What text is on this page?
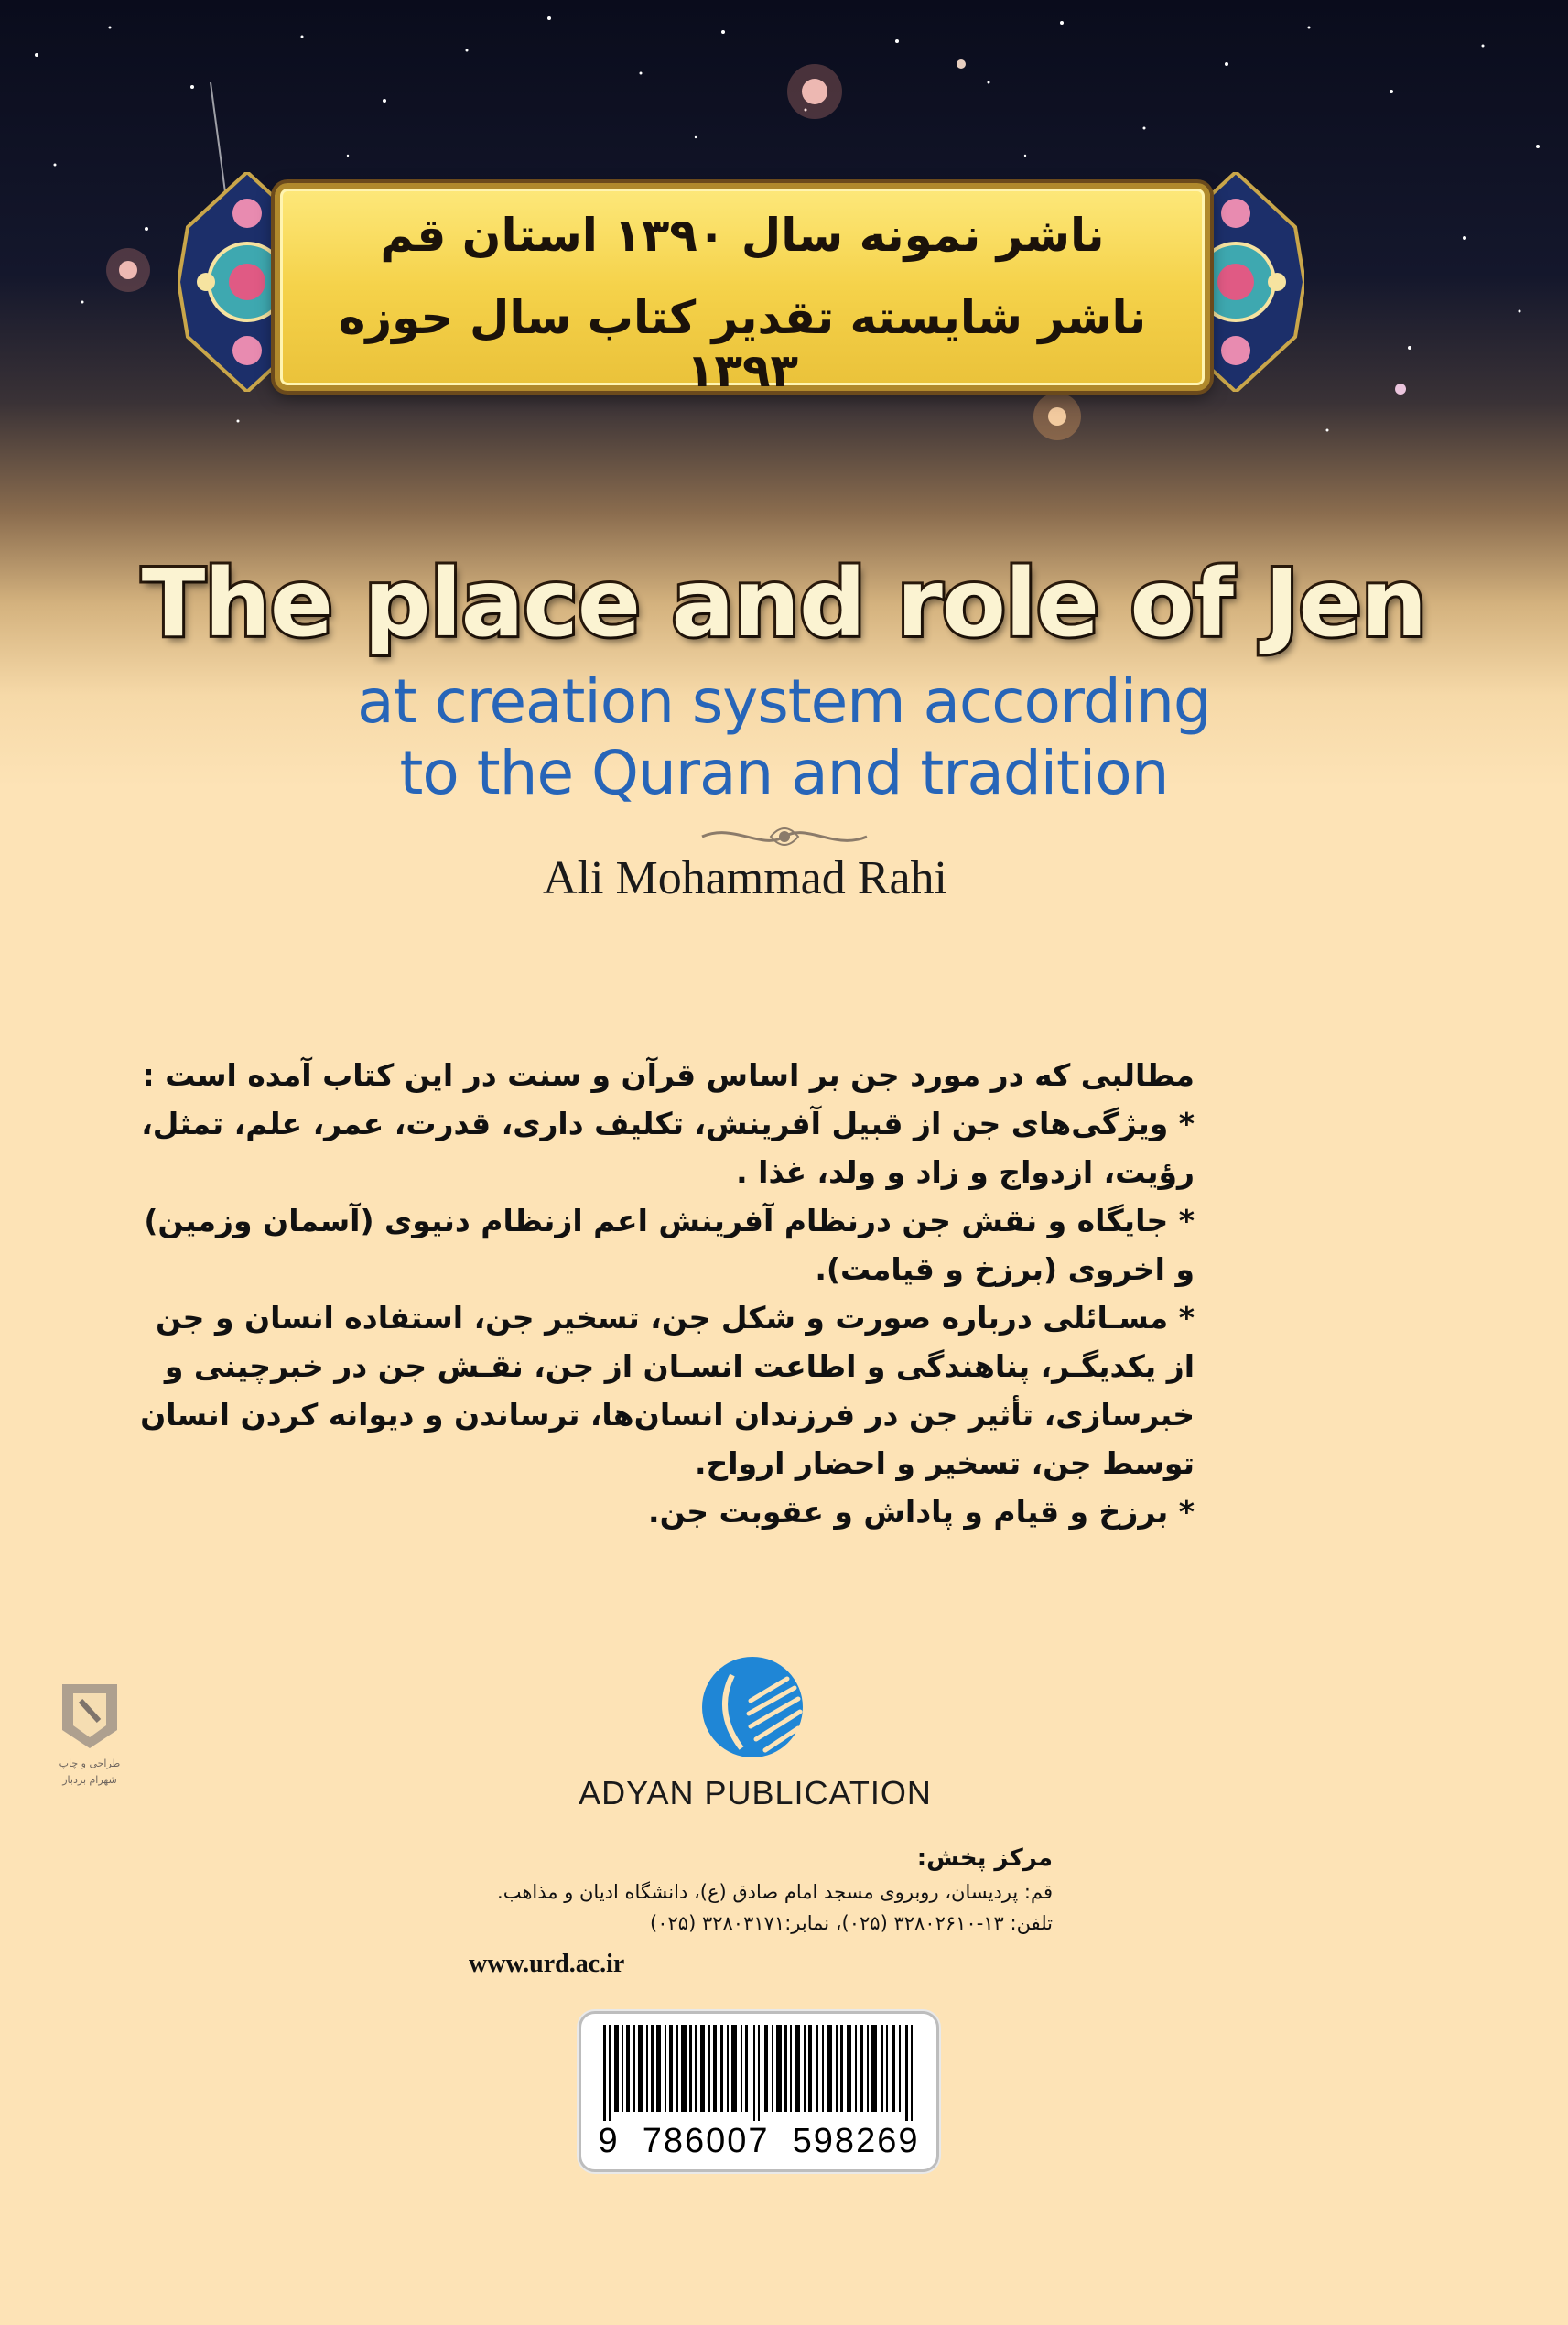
ناشر نمونه سال ۱۳۹۰ استان قم
ناشر شایسته تقدیر کتاب سال حوزه ۱۳۹۳
The place and role of Jen
at creation system according
to the Quran and tradition
Ali Mohammad Rahi
مطالبی که در مورد جن بر اساس قرآن و سنت در این کتاب آمده است :
* ویژگی‌های جن از قبیل آفرینش، تکلیف داری، قدرت، عمر، علم، تمثل،
رؤیت، ازدواج و زاد و ولد، غذا .
* جایگاه و نقش جن درنظام آفرینش اعم ازنظام دنیوی (آسمان وزمین)
و اخروی (برزخ و قیامت).
* مسـائلی درباره صورت و شکل جن، تسخیر جن، استفاده انسان و جن
از یکدیگـر، پناهندگی و اطاعت انسـان از جن، نقـش جن در خبرچینی و
خبرسازی، تأثیر جن در فرزندان انسان‌ها، ترساندن و دیوانه کردن انسان
توسط جن، تسخیر و احضار ارواح.
* برزخ و قیام و پاداش و عقوبت جن.
طراحی و چاپ
شهرام بردبار	ADYAN PUBLICATION
مرکز پخش:
قم: پردیسان، روبروی مسجد امام صادق (ع)، دانشگاه ادیان و مذاهب.
تلفن: ۱۳-۳۲۸۰۲۶۱۰ (۰۲۵)، نمابر:۳۲۸۰۳۱۷۱ (۰۲۵)
www.urd.ac.ir
9  786007  598269
